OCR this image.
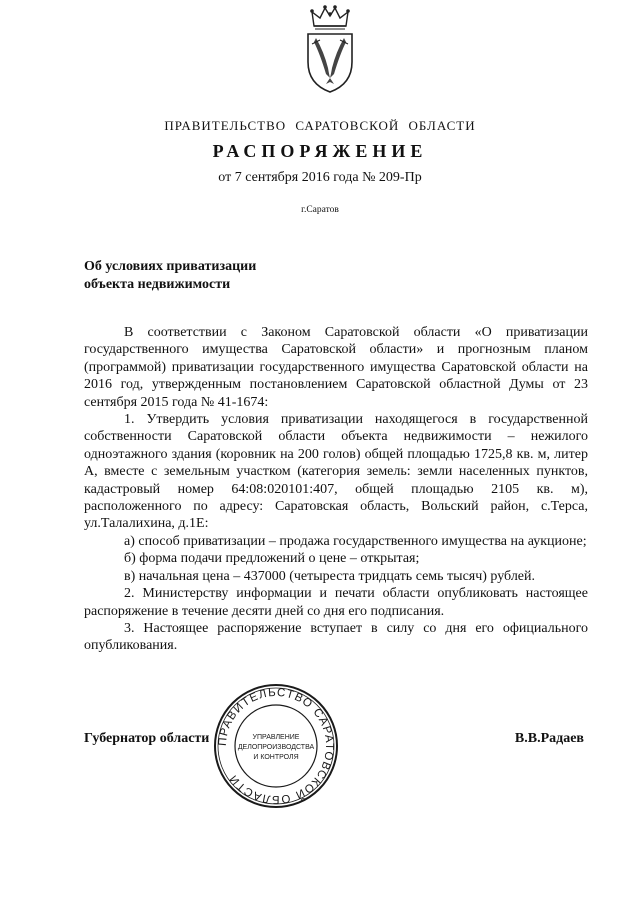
ПРАВИТЕЛЬСТВО САРАТОВСКОЙ ОБЛАСТИ
РАСПОРЯЖЕНИЕ
от 7 сентября 2016 года № 209-Пр
г.Саратов
Об условиях приватизации
объекта недвижимости

В соответствии с Законом Саратовской области «О приватизации государственного имущества Саратовской области» и прогнозным планом (программой) приватизации государственного имущества Саратовской области на 2016 год, утвержденным постановлением Саратовской областной Думы от 23 сентября 2015 года № 41-1674:

1. Утвердить условия приватизации находящегося в государственной собственности Саратовской области объекта недвижимости – нежилого одноэтажного здания (коровник на 200 голов) общей площадью 1725,8 кв. м, литер А, вместе с земельным участком (категория земель: земли населенных пунктов, кадастровый номер 64:08:020101:407, общей площадью 2105 кв. м), расположенного по адресу: Саратовская область, Вольский район, с.Терса, ул.Талалихина, д.1Е:

а) способ приватизации – продажа государственного имущества на аукционе;

б) форма подачи предложений о цене – открытая;

в) начальная цена – 437000 (четыреста тридцать семь тысяч) рублей.

2. Министерству информации и печати области опубликовать настоящее распоряжение в течение десяти дней со дня его подписания.

3. Настоящее распоряжение вступает в силу со дня его официального опубликования.

Губернатор области	В.В.Радаев
ПРАВИТЕЛЬСТВО САРАТОВСКОЙ ОБЛАСТИ
УПРАВЛЕНИЕ
ДЕЛОПРОИЗВОДСТВА
И КОНТРОЛЯ
